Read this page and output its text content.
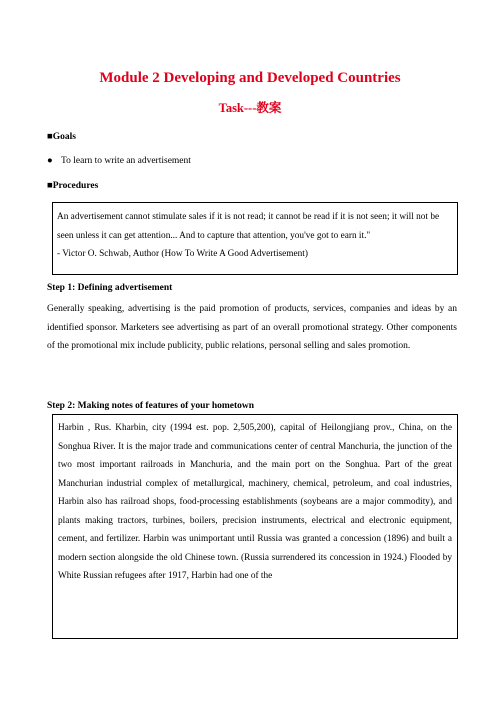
Module 2 Developing and Developed Countries
Task---教案
■Goals
● To learn to write an advertisement
■Procedures

An advertisement cannot stimulate sales if it is not read; it cannot be read if it is not seen; it will not be seen unless it can get attention... And to capture that attention, you've got to earn it."

- Victor O. Schwab, Author (How To Write A Good Advertisement)

Step 1: Defining advertisement
Generally speaking, advertising is the paid promotion of products, services, companies and ideas by an identified sponsor. Marketers see advertising as part of an overall promotional strategy. Other components of the promotional mix include publicity, public relations, personal selling and sales promotion.
Step 2: Making notes of features of your hometown

Harbin , Rus. Kharbin, city (1994 est. pop. 2,505,200), capital of Heilongjiang prov., China, on the Songhua River. It is the major trade and communications center of central Manchuria, the junction of the two most important railroads in Manchuria, and the main port on the Songhua. Part of the great Manchurian industrial complex of metallurgical, machinery, chemical, petroleum, and coal industries, Harbin also has railroad shops, food-processing establishments (soybeans are a major commodity), and plants making tractors, turbines, boilers, precision instruments, electrical and electronic equipment, cement, and fertilizer. Harbin was unimportant until Russia was granted a concession (1896) and built a modern section alongside the old Chinese town. (Russia surrendered its concession in 1924.) Flooded by White Russian refugees after 1917, Harbin had one of the
